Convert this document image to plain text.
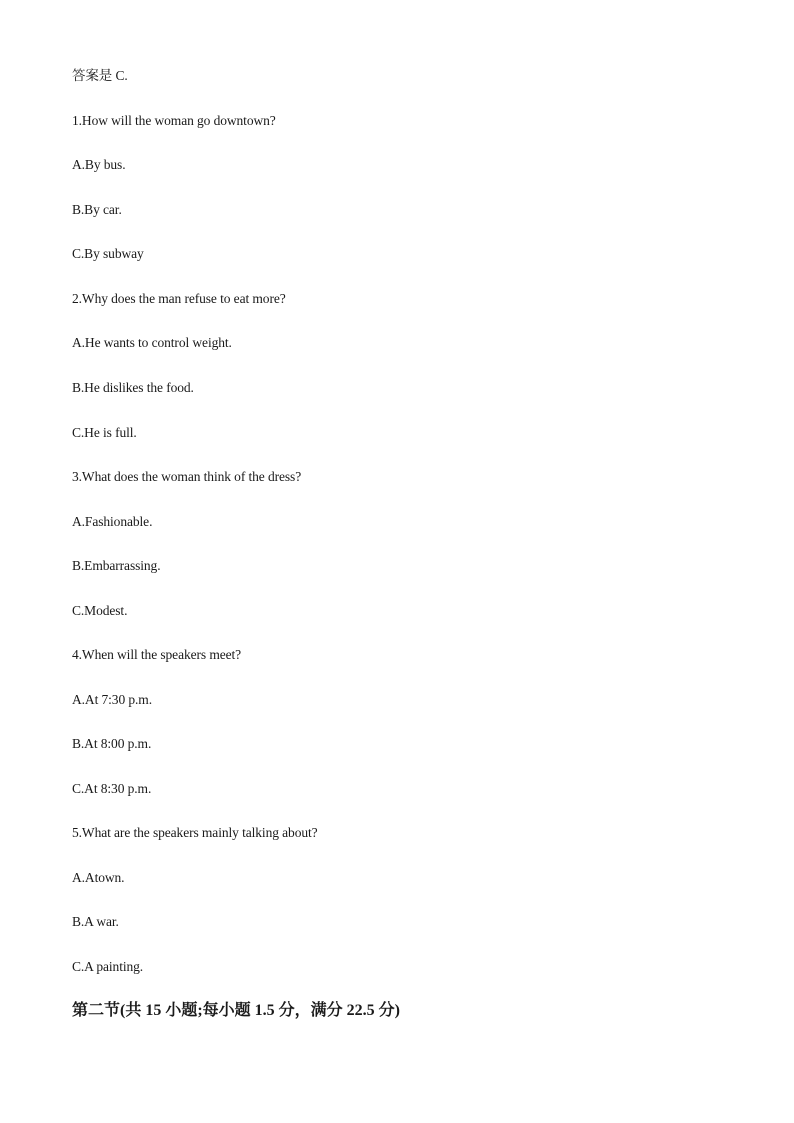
答案是 C.
1.How will the woman go downtown?
A.By bus.
B.By car.
C.By subway
2.Why does the man refuse to eat more?
A.He wants to control weight.
B.He dislikes the food.
C.He is full.
3.What does the woman think of the dress?
A.Fashionable.
B.Embarrassing.
C.Modest.
4.When will the speakers meet?
A.At 7:30 p.m.
B.At 8:00 p.m.
C.At 8:30 p.m.
5.What are the speakers mainly talking about?
A.Atown.
B.A war.
C.A painting.
第二节(共 15 小题;每小题 1.5 分，满分 22.5 分)
